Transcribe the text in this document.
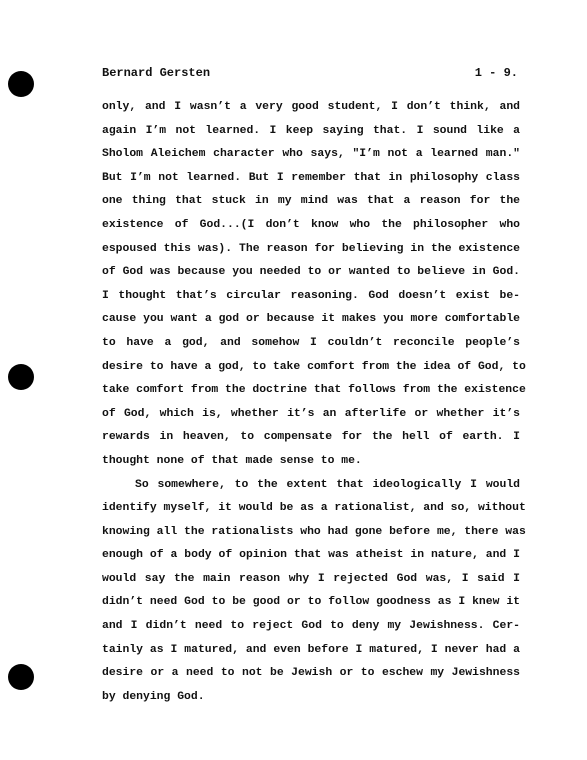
Bernard Gersten	1 - 9.
only, and I wasn’t a very good student, I don’t think, and
again I’m not learned. I keep saying that. I sound like a
Sholom Aleichem character who says, "I’m not a learned man."
But I’m not learned. But I remember that in philosophy class
one thing that stuck in my mind was that a reason for the
existence of God...(I don’t know who the philosopher who
espoused this was). The reason for believing in the existence
of God was because you needed to or wanted to believe in God.
I thought that’s circular reasoning. God doesn’t exist be-
cause you want a god or because it makes you more comfortable
to have a god, and somehow I couldn’t reconcile people’s
desire to have a god, to take comfort from the idea of God, to
take comfort from the doctrine that follows from the existence
of God, which is, whether it’s an afterlife or whether it’s
rewards in heaven, to compensate for the hell of earth. I
thought none of that made sense to me.
So somewhere, to the extent that ideologically I would
identify myself, it would be as a rationalist, and so, without
knowing all the rationalists who had gone before me, there was
enough of a body of opinion that was atheist in nature, and I
would say the main reason why I rejected God was, I said I
didn’t need God to be good or to follow goodness as I knew it
and I didn’t need to reject God to deny my Jewishness. Cer-
tainly as I matured, and even before I matured, I never had a
desire or a need to not be Jewish or to eschew my Jewishness
by denying God.
